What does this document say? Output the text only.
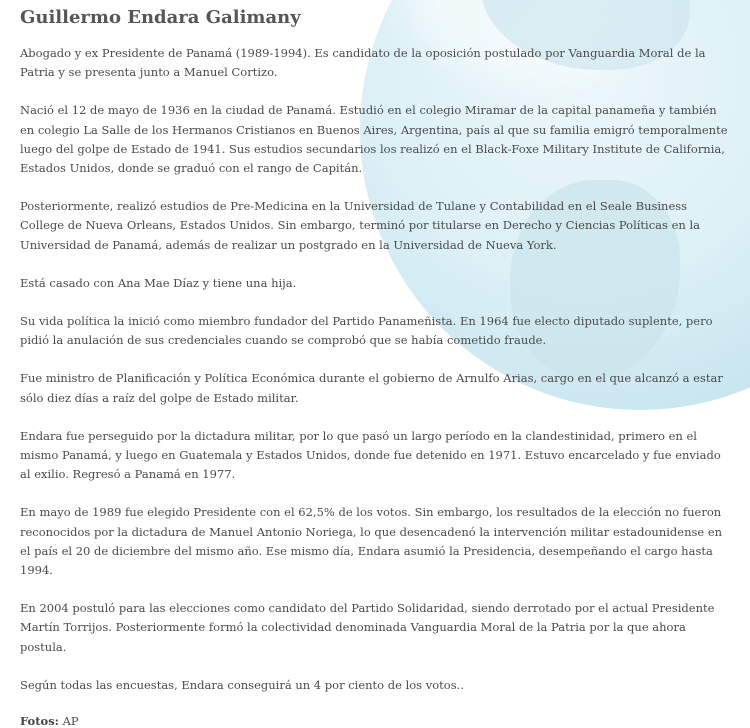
Guillermo Endara Galimany

Abogado y ex Presidente de Panamá (1989-1994). Es candidato de la oposición postulado por Vanguardia Moral de la Patria y se presenta junto a Manuel Cortizo.

Nació el 12 de mayo de 1936 en la ciudad de Panamá. Estudió en el colegio Miramar de la capital panameña y también en colegio La Salle de los Hermanos Cristianos en Buenos Aires, Argentina, país al que su familia emigró temporalmente luego del golpe de Estado de 1941. Sus estudios secundarios los realizó en el Black-Foxe Military Institute de California, Estados Unidos, donde se graduó con el rango de Capitán.

Posteriormente, realizó estudios de Pre-Medicina en la Universidad de Tulane y Contabilidad en el Seale Business College de Nueva Orleans, Estados Unidos. Sin embargo, terminó por titularse en Derecho y Ciencias Políticas en la Universidad de Panamá, además de realizar un postgrado en la Universidad de Nueva York.

Está casado con Ana Mae Díaz y tiene una hija.

Su vida política la inició como miembro fundador del Partido Panameñista. En 1964 fue electo diputado suplente, pero pidió la anulación de sus credenciales cuando se comprobó que se había cometido fraude.

Fue ministro de Planificación y Política Económica durante el gobierno de Arnulfo Arias, cargo en el que alcanzó a estar sólo diez días a raíz del golpe de Estado militar.

Endara fue perseguido por la dictadura militar, por lo que pasó un largo período en la clandestinidad, primero en el mismo Panamá, y luego en Guatemala y Estados Unidos, donde fue detenido en 1971. Estuvo encarcelado y fue enviado al exilio. Regresó a Panamá en 1977.

En mayo de 1989 fue elegido Presidente con el 62,5% de los votos. Sin embargo, los resultados de la elección no fueron reconocidos por la dictadura de Manuel Antonio Noriega, lo que desencadenó la intervención militar estadounidense en el país el 20 de diciembre del mismo año. Ese mismo día, Endara asumió la Presidencia, desempeñando el cargo hasta 1994.

En 2004 postuló para las elecciones como candidato del Partido Solidaridad, siendo derrotado por el actual Presidente Martín Torrijos. Posteriormente formó la colectividad denominada Vanguardia Moral de la Patria por la que ahora postula.

Según todas las encuestas, Endara conseguirá un 4 por ciento de los votos..

Fotos: AP
